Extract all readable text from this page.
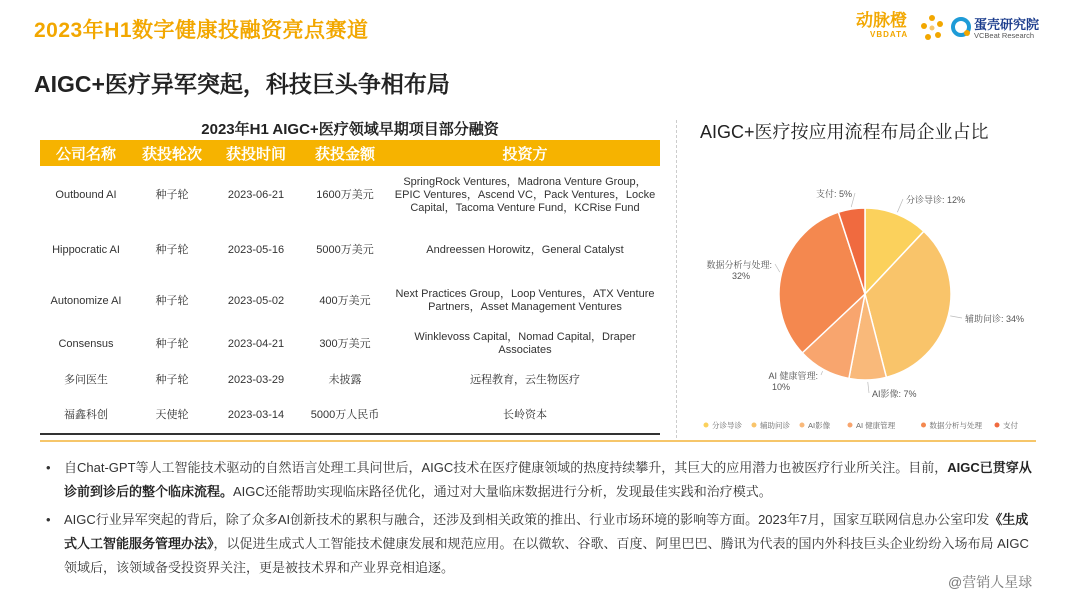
2023年H1数字健康投融资亮点赛道	动脉橙
VBDATA
蛋壳研究院
VCBeat Research
AIGC+医疗异军突起，科技巨头争相布局
2023年H1 AIGC+医疗领域早期项目部分融资
公司名称	获投轮次	获投时间	获投金额	投资方
Outbound AI	种子轮	2023-06-21	1600万美元	SpringRock Ventures，Madrona Venture Group，EPIC Ventures，Ascend VC，Pack Ventures，Locke Capital，Tacoma Venture Fund，KCRise Fund
Hippocratic AI	种子轮	2023-05-16	5000万美元	Andreessen Horowitz，General Catalyst
Autonomize AI	种子轮	2023-05-02	400万美元	Next Practices Group，Loop Ventures，ATX Venture Partners，Asset Management Ventures
Consensus	种子轮	2023-04-21	300万美元	Winklevoss Capital，Nomad Capital，Draper Associates
多问医生	种子轮	2023-03-29	未披露	远程教育，云生物医疗
福鑫科创	天使轮	2023-03-14	5000万人民币	长岭资本
AIGC+医疗按应用流程布局企业占比
分诊导诊: 12%
辅助问诊: 34%
AI影像: 7%
AI 健康管理: 10%
数据分析与处理: 32%
支付: 5%
分诊导诊 辅助问诊 AI影像	AI 健康管理	数据分析与处理	支付
• 自Chat-GPT等人工智能技术驱动的自然语言处理工具问世后，AIGC技术在医疗健康领域的热度持续攀升，其巨大的应用潜力也被医疗行业所关注。目前，AIGC已贯穿从诊前到诊后的整个临床流程。AIGC还能帮助实现临床路径优化，通过对大量临床数据进行分析，发现最佳实践和治疗模式。
• AIGC行业异军突起的背后，除了众多AI创新技术的累积与融合，还涉及到相关政策的推出、行业市场环境的影响等方面。2023年7月，国家互联网信息办公室印发《生成式人工智能服务管理办法》，以促进生成式人工智能技术健康发展和规范应用。在以微软、谷歌、百度、阿里巴巴、腾讯为代表的国内外科技巨头企业纷纷入场布局 AIGC 领域后，该领域备受投资界关注，更是被技术界和产业界竞相追逐。
@营销人星球
